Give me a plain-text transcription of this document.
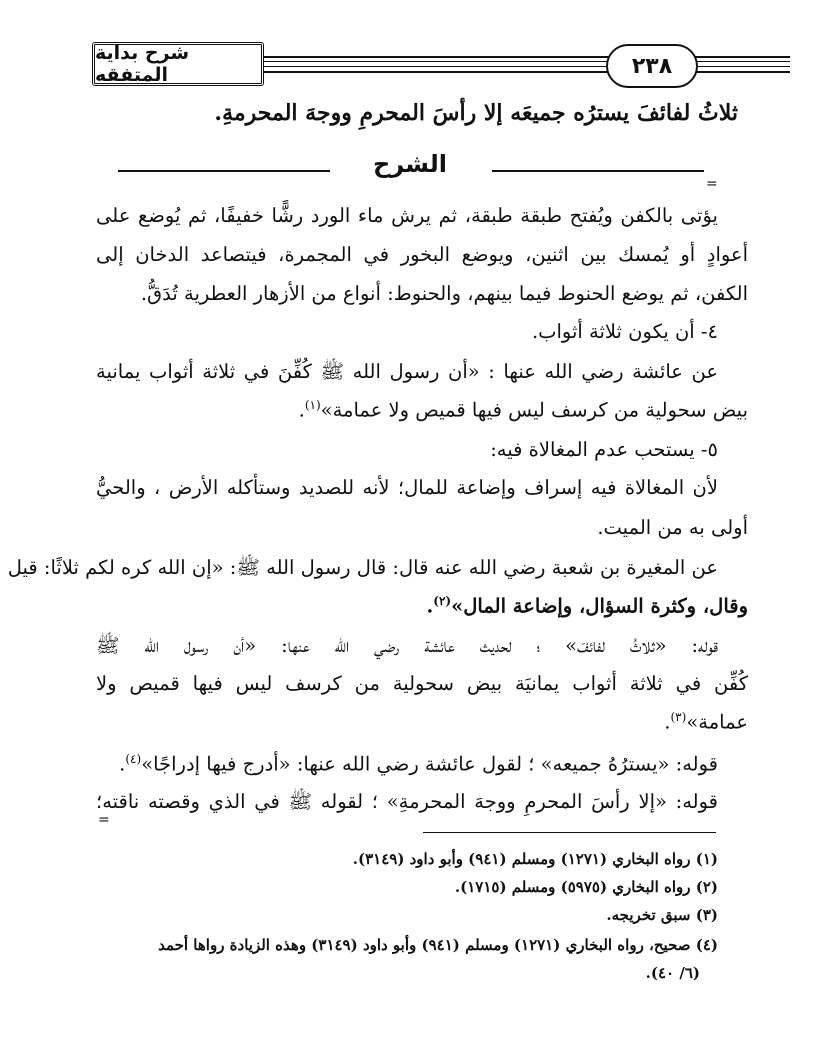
شرح بداية المتفقه	٢٣٨
ثلاثُ لفائفَ يسترُه جميعَه إلا رأسَ المحرمِ ووجهَ المحرمةِ.
الشرح
=
يؤتى بالكفن ويُفتح طبقة طبقة، ثم يرش ماء الورد رشًّا خفيفًا، ثم يُوضع على
أعوادٍ أو يُمسك بين اثنين، ويوضع البخور في المجمرة، فيتصاعد الدخان إلى
الكفن، ثم يوضع الحنوط فيما بينهم، والحنوط: أنواع من الأزهار العطرية تُدَقُّ.
٤- أن يكون ثلاثة أثواب.
عن عائشة رضي الله عنها : «أن رسول الله ﷺ كُفِّنَ في ثلاثة أثواب يمانية
بيض سحولية من كرسف ليس فيها قميص ولا عمامة»$^{(١)}$.
٥- يستحب عدم المغالاة فيه:
لأن المغالاة فيه إسراف وإضاعة للمال؛ لأنه للصديد وستأكله الأرض ، والحيُّ
أولى به من الميت.
عن المغيرة بن شعبة رضي الله عنه قال: قال رسول الله ﷺ: «إن الله كره لكم ثلاثًا: قيل
وقال، وكثرة السؤال، وإضاعة المال»$^{(٢)}$.
قوله: «ثلاثُ لفائفَ» ؛ لحديث عائشة رضي الله عنها: «أن رسول الله ﷺ
كُفِّن في ثلاثة أثواب يمانيَة بيض سحولية من كرسف ليس فيها قميص ولا
عمامة»$^{(٣)}$.
قوله: «يسترُهُ جميعه» ؛ لقول عائشة رضي الله عنها: «أدرج فيها إدراجًا»$^{(٤)}$.
قوله: «إلا رأسَ المحرمِ ووجهَ المحرمةِ» ؛ لقوله ﷺ في الذي وقصته ناقته؛
=
(١) رواه البخاري (١٢٧١) ومسلم (٩٤١) وأبو داود (٣١٤٩).
(٢) رواه البخاري (٥٩٧٥) ومسلم (١٧١٥).
(٣) سبق تخريجه.
(٤) صحيح، رواه البخاري (١٢٧١) ومسلم (٩٤١) وأبو داود (٣١٤٩) وهذه الزيادة رواها أحمد
(٦/ ٤٠).
